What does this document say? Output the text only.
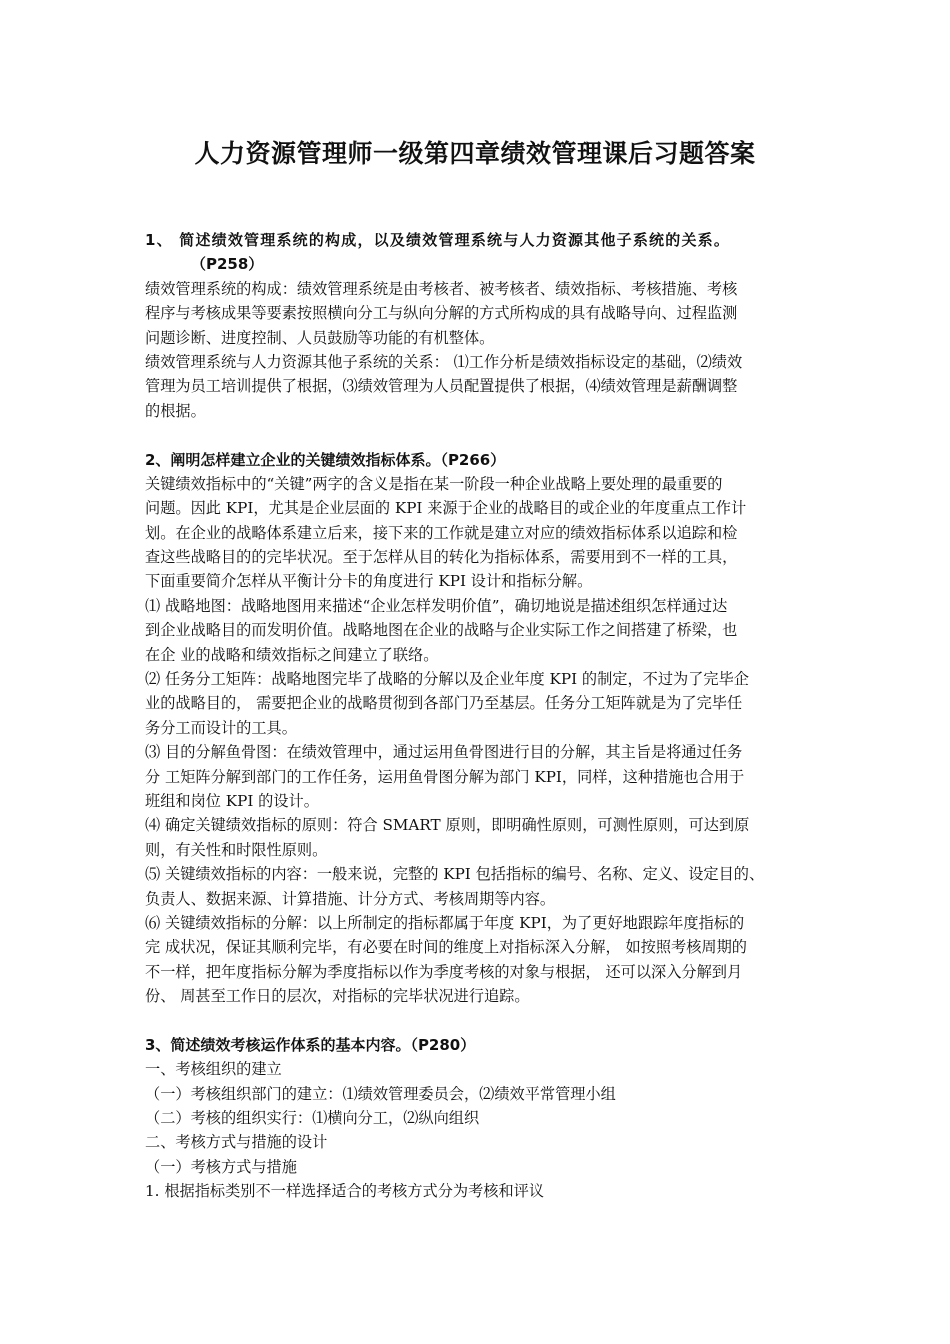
人力资源管理师一级第四章绩效管理课后习题答案
1、 简述绩效管理系统的构成，以及绩效管理系统与人力资源其他子系统的关系。
（P258）
绩效管理系统的构成：绩效管理系统是由考核者、被考核者、绩效指标、考核措施、考核
程序与考核成果等要素按照横向分工与纵向分解的方式所构成的具有战略导向、过程监测
问题诊断、进度控制、人员鼓励等功能的有机整体。
绩效管理系统与人力资源其他子系统的关系： ⑴工作分析是绩效指标设定的基础，⑵绩效
管理为员工培训提供了根据，⑶绩效管理为人员配置提供了根据，⑷绩效管理是薪酬调整
的根据。
2、阐明怎样建立企业的关键绩效指标体系。（P266）
关键绩效指标中的“关键”两字的含义是指在某一阶段一种企业战略上要处理的最重要的
问题。因此 KPI，尤其是企业层面的 KPI 来源于企业的战略目的或企业的年度重点工作计
划。在企业的战略体系建立后来，接下来的工作就是建立对应的绩效指标体系以追踪和检
查这些战略目的的完毕状况。至于怎样从目的转化为指标体系，需要用到不一样的工具，
下面重要简介怎样从平衡计分卡的角度进行 KPI 设计和指标分解。
⑴ 战略地图：战略地图用来描述“企业怎样发明价值”，确切地说是描述组织怎样通过达
到企业战略目的而发明价值。战略地图在企业的战略与企业实际工作之间搭建了桥梁，也
在企 业的战略和绩效指标之间建立了联络。
⑵ 任务分工矩阵：战略地图完毕了战略的分解以及企业年度 KPI 的制定，不过为了完毕企
业的战略目的， 需要把企业的战略贯彻到各部门乃至基层。任务分工矩阵就是为了完毕任
务分工而设计的工具。
⑶ 目的分解鱼骨图：在绩效管理中，通过运用鱼骨图进行目的分解，其主旨是将通过任务
分 工矩阵分解到部门的工作任务，运用鱼骨图分解为部门 KPI，同样，这种措施也合用于
班组和岗位 KPI 的设计。
⑷ 确定关键绩效指标的原则：符合 SMART 原则，即明确性原则，可测性原则，可达到原
则，有关性和时限性原则。
⑸ 关键绩效指标的内容：一般来说，完整的 KPI 包括指标的编号、名称、定义、设定目的、
负责人、数据来源、计算措施、计分方式、考核周期等内容。
⑹ 关键绩效指标的分解：以上所制定的指标都属于年度 KPI，为了更好地跟踪年度指标的
完 成状况，保证其顺利完毕，有必要在时间的维度上对指标深入分解， 如按照考核周期的
不一样，把年度指标分解为季度指标以作为季度考核的对象与根据， 还可以深入分解到月
份、 周甚至工作日的层次，对指标的完毕状况进行追踪。
3、简述绩效考核运作体系的基本内容。（P280）
一、考核组织的建立
（一）考核组织部门的建立：⑴绩效管理委员会，⑵绩效平常管理小组
（二）考核的组织实行：⑴横向分工，⑵纵向组织
二、考核方式与措施的设计
（一）考核方式与措施
1. 根据指标类别不一样选择适合的考核方式分为考核和评议
